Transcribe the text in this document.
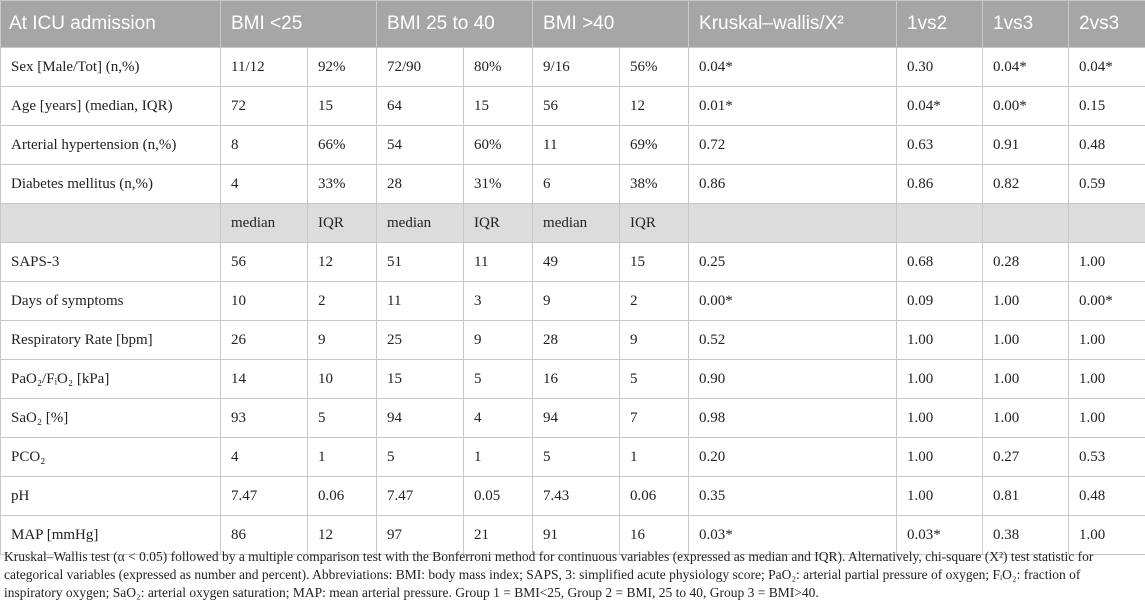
At ICU admission	BMI <25		BMI 25 to 40		BMI >40		Kruskal–wallis/X²	1vs2	1vs3	2vs3
Sex [Male/Tot] (n,%)	11/12	92%	72/90	80%	9/16	56%	0.04*	0.30	0.04*	0.04*
Age [years] (median, IQR)	72	15	64	15	56	12	0.01*	0.04*	0.00*	0.15
Arterial hypertension (n,%)	8	66%	54	60%	11	69%	0.72	0.63	0.91	0.48
Diabetes mellitus (n,%)	4	33%	28	31%	6	38%	0.86	0.86	0.82	0.59
	median	IQR	median	IQR	median	IQR				
SAPS-3	56	12	51	11	49	15	0.25	0.68	0.28	1.00
Days of symptoms	10	2	11	3	9	2	0.00*	0.09	1.00	0.00*
Respiratory Rate [bpm]	26	9	25	9	28	9	0.52	1.00	1.00	1.00
PaO₂/FᵢO₂ [kPa]	14	10	15	5	16	5	0.90	1.00	1.00	1.00
SaO₂ [%]	93	5	94	4	94	7	0.98	1.00	1.00	1.00
PCO₂	4	1	5	1	5	1	0.20	1.00	0.27	0.53
pH	7.47	0.06	7.47	0.05	7.43	0.06	0.35	1.00	0.81	0.48
MAP [mmHg]	86	12	97	21	91	16	0.03*	0.03*	0.38	1.00
Kruskal–Wallis test (α < 0.05) followed by a multiple comparison test with the Bonferroni method for continuous variables (expressed as median and IQR). Alternatively, chi-square (X²) test statistic for categorical variables (expressed as number and percent). Abbreviations: BMI: body mass index; SAPS, 3: simplified acute physiology score; PaO₂: arterial partial pressure of oxygen; FᵢO₂: fraction of inspiratory oxygen; SaO₂: arterial oxygen saturation; MAP: mean arterial pressure. Group 1 = BMI<25, Group 2 = BMI, 25 to 40, Group 3 = BMI>40.
